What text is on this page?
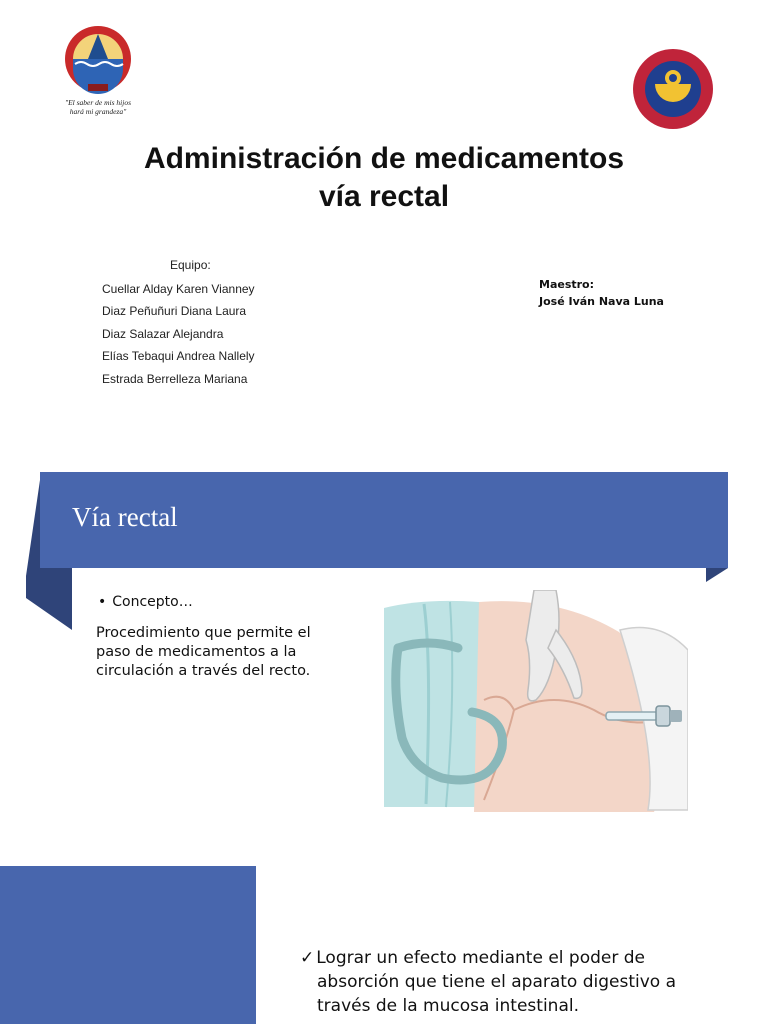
"El saber de mis hijos
hará mi grandeza"
Administración de medicamentos
vía rectal
Equipo:
Cuellar Alday Karen Vianney
Diaz Peñuñuri Diana Laura
Diaz Salazar Alejandra
Elías Tebaqui Andrea Nallely
Estrada Berrelleza Mariana
Maestro:
José Iván Nava Luna
Vía rectal
• Concepto…

Procedimiento que permite el paso de medicamentos a la circulación a través del recto.

✓ Lograr un efecto mediante el poder de
absorción que tiene el aparato digestivo a
través de la mucosa intestinal.
